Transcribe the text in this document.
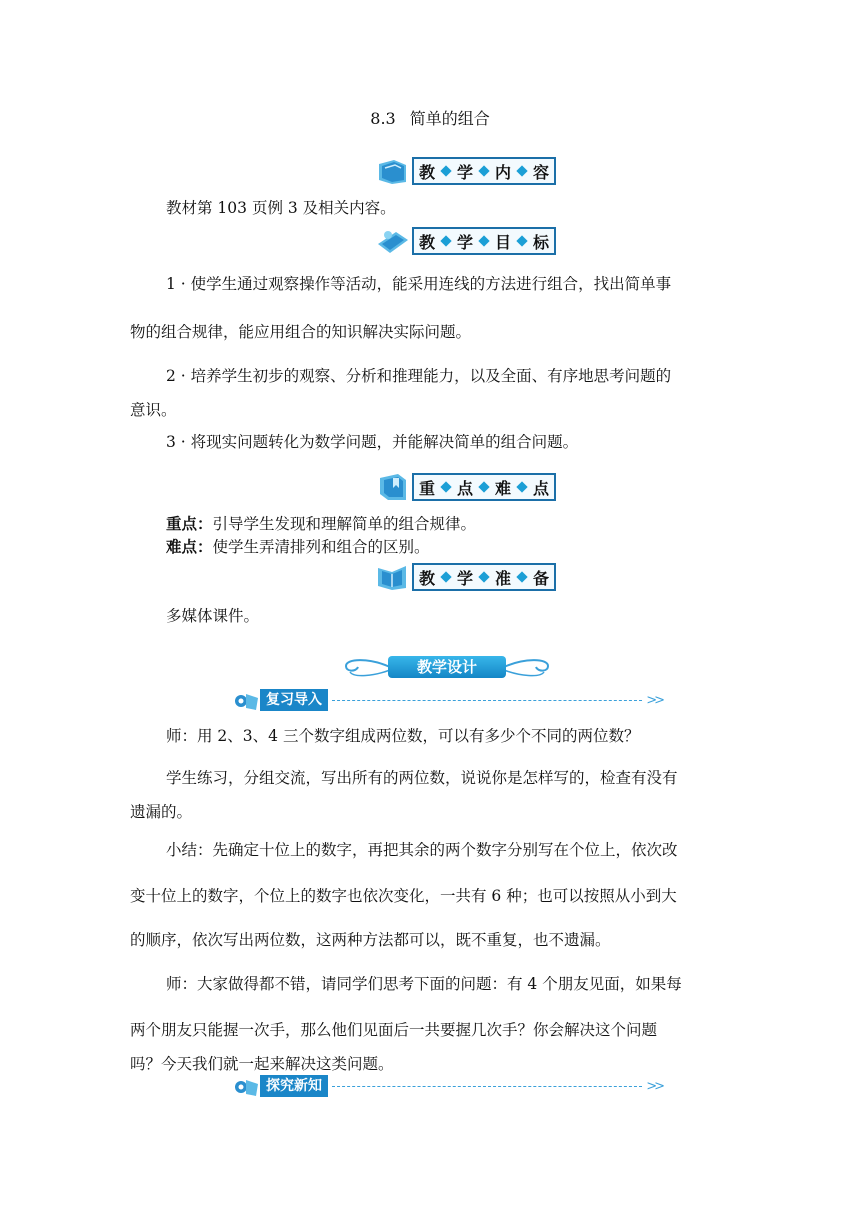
8.3 简单的组合
教 学 内 容
教材第 103 页例 3 及相关内容。
教 学 目 标
1 · 使学生通过观察操作等活动，能采用连线的方法进行组合，找出简单事
物的组合规律，能应用组合的知识解决实际问题。
2 · 培养学生初步的观察、分析和推理能力，以及全面、有序地思考问题的
意识。
3 · 将现实问题转化为数学问题，并能解决简单的组合问题。
重 点 难 点
重点：引导学生发现和理解简单的组合规律。
难点：使学生弄清排列和组合的区别。
教 学 准 备
多媒体课件。
教学设计
复习导入	>>
师：用 2、3、4 三个数字组成两位数，可以有多少个不同的两位数？
学生练习，分组交流，写出所有的两位数，说说你是怎样写的，检查有没有
遗漏的。
小结：先确定十位上的数字，再把其余的两个数字分别写在个位上，依次改
变十位上的数字，个位上的数字也依次变化，一共有 6 种；也可以按照从小到大
的顺序，依次写出两位数，这两种方法都可以，既不重复，也不遗漏。
师：大家做得都不错，请同学们思考下面的问题：有 4 个朋友见面，如果每
两个朋友只能握一次手，那么他们见面后一共要握几次手？你会解决这个问题
吗？今天我们就一起来解决这类问题。
探究新知	>>
